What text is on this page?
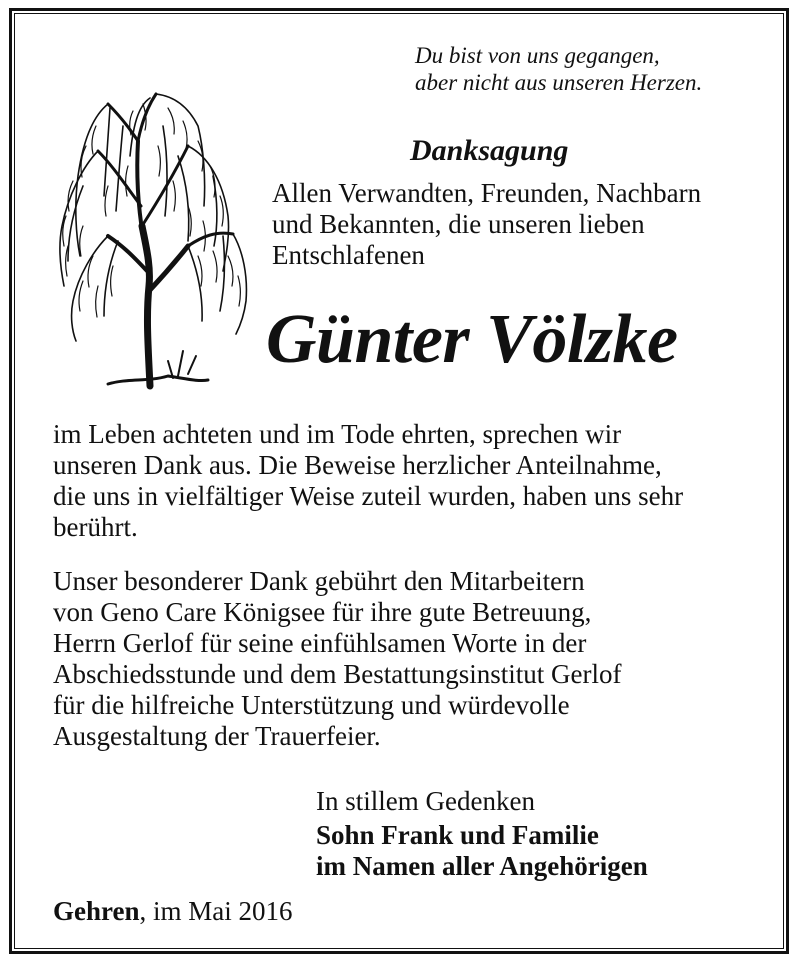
Du bist von uns gegangen,
aber nicht aus unseren Herzen.
Danksagung
Allen Verwandten, Freunden, Nachbarn
und Bekannten, die unseren lieben
Entschlafenen
Günter Völzke
im Leben achteten und im Tode ehrten, sprechen wir
unseren Dank aus. Die Beweise herzlicher Anteilnahme,
die uns in vielfältiger Weise zuteil wurden, haben uns sehr
berührt.
Unser besonderer Dank gebührt den Mitarbeitern
von Geno Care Königsee für ihre gute Betreuung,
Herrn Gerlof für seine einfühlsamen Worte in der
Abschiedsstunde und dem Bestattungsinstitut Gerlof
für die hilfreiche Unterstützung und würdevolle
Ausgestaltung der Trauerfeier.
In stillem Gedenken
Sohn Frank und Familie
im Namen aller Angehörigen
Gehren, im Mai 2016
